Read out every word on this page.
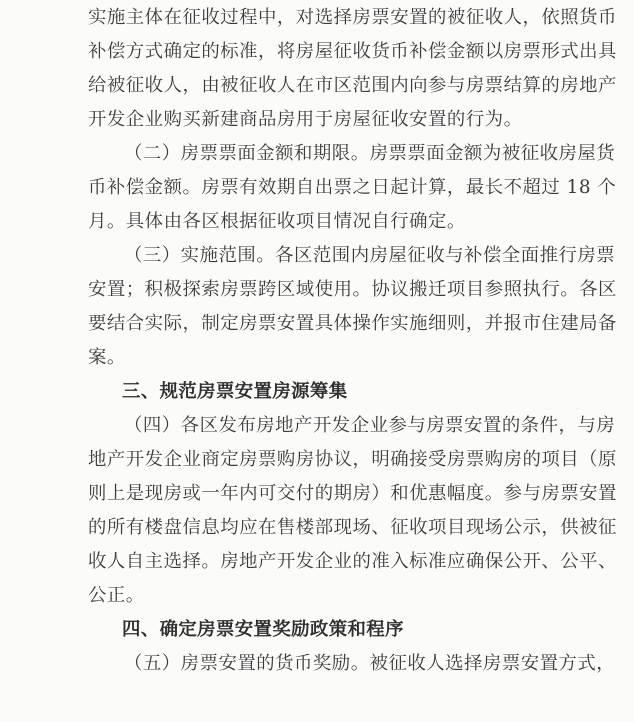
实施主体在征收过程中，对选择房票安置的被征收人，依照货币
补偿方式确定的标准，将房屋征收货币补偿金额以房票形式出具
给被征收人，由被征收人在市区范围内向参与房票结算的房地产
开发企业购买新建商品房用于房屋征收安置的行为。
（二）房票票面金额和期限。房票票面金额为被征收房屋货
币补偿金额。房票有效期自出票之日起计算，最长不超过 18 个
月。具体由各区根据征收项目情况自行确定。
（三）实施范围。各区范围内房屋征收与补偿全面推行房票
安置；积极探索房票跨区域使用。协议搬迁项目参照执行。各区
要结合实际，制定房票安置具体操作实施细则，并报市住建局备
案。
三、规范房票安置房源筹集
（四）各区发布房地产开发企业参与房票安置的条件，与房
地产开发企业商定房票购房协议，明确接受房票购房的项目（原
则上是现房或一年内可交付的期房）和优惠幅度。参与房票安置
的所有楼盘信息均应在售楼部现场、征收项目现场公示，供被征
收人自主选择。房地产开发企业的准入标准应确保公开、公平、
公正。
四、确定房票安置奖励政策和程序
（五）房票安置的货币奖励。被征收人选择房票安置方式，
